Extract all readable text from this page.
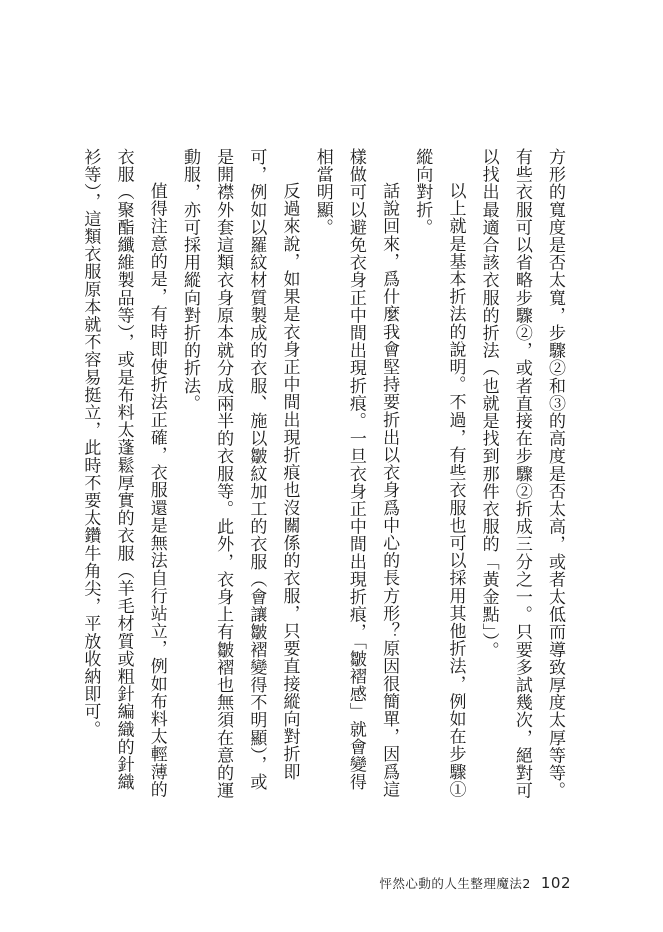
方形的寬度是否太寬，步驟②和③的高度是否太高，或者太低而導致厚度太厚等等。
有些衣服可以省略步驟②，或者直接在步驟②折成三分之一。只要多試幾次，絕對可
以找出最適合該衣服的折法（也就是找到那件衣服的「黃金點」）。
以上就是基本折法的說明。不過，有些衣服也可以採用其他折法，例如在步驟①
縱向對折。
話說回來，爲什麼我會堅持要折出以衣身爲中心的長方形？原因很簡單，因爲這
樣做可以避免衣身正中間出現折痕。一旦衣身正中間出現折痕，「皺褶感」就會變得
相當明顯。
反過來說，如果是衣身正中間出現折痕也沒關係的衣服，只要直接縱向對折即
可，例如以羅紋材質製成的衣服、施以皺紋加工的衣服（會讓皺褶變得不明顯），或
是開襟外套這類衣身原本就分成兩半的衣服等。此外，衣身上有皺褶也無須在意的運
動服，亦可採用縱向對折的折法。
值得注意的是，有時即使折法正確，衣服還是無法自行站立，例如布料太輕薄的
衣服（聚酯纖維製品等），或是布料太蓬鬆厚實的衣服（羊毛材質或粗針編織的針織
衫等），這類衣服原本就不容易挺立，此時不要太鑽牛角尖，平放收納即可。
怦然心動的人生整理魔法2 102
